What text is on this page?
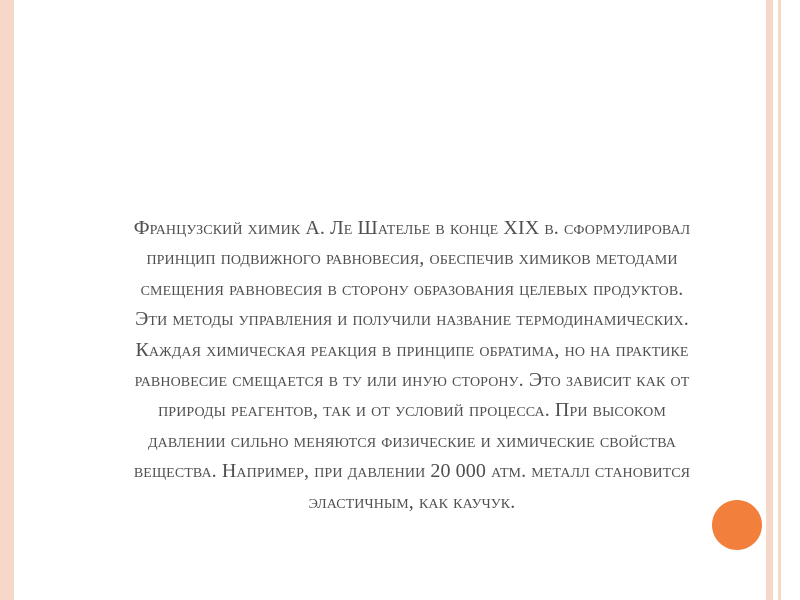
Французский химик А. Ле Шателье в конце XIX в. сформулировал
принцип подвижного равновесия, обеспечив химиков методами
смещения равновесия в сторону образования целевых продуктов.
Эти методы управления и получили название термодинамических.
Каждая химическая реакция в принципе обратима, но на практике
равновесие смещается в ту или иную сторону. Это зависит как от
природы реагентов, так и от условий процесса. При высоком
давлении сильно меняются физические и химические свойства
вещества. Например, при давлении 20 000 атм. металл становится
эластичным, как каучук.
